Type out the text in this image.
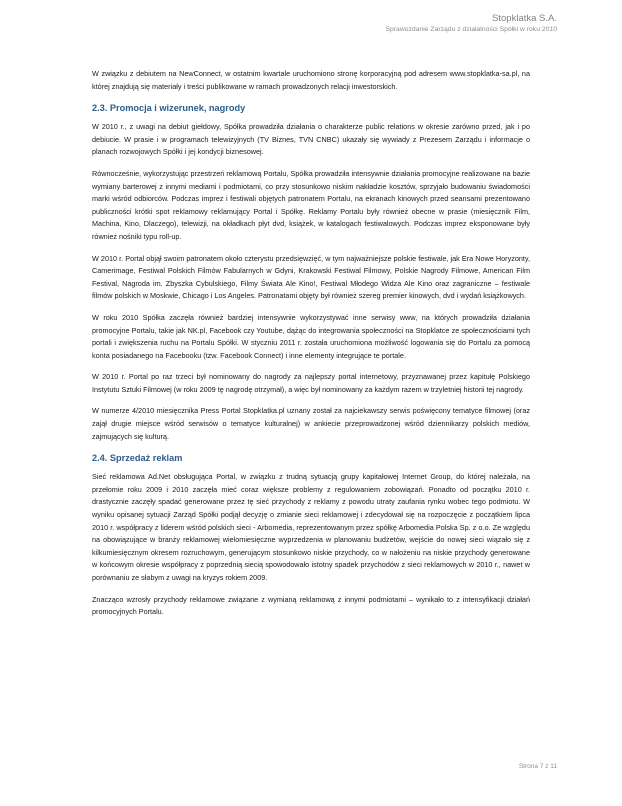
Stopklatka S.A.
Sprawozdanie Zarządu z działalności Spółki w roku 2010

W związku z debiutem na NewConnect, w ostatnim kwartale uruchomiono stronę korporacyjną pod adresem www.stopklatka-sa.pl, na której znajdują się materiały i treści publikowane w ramach prowadzonych relacji inwestorskich.

2.3. Promocja i wizerunek, nagrody

W 2010 r., z uwagi na debiut giełdowy, Spółka prowadziła działania o charakterze public relations w okresie zarówno przed, jak i po debiucie. W prasie i w programach telewizyjnych (TV Biznes, TVN CNBC) ukazały się wywiady z Prezesem Zarządu i informacje o planach rozwojowych Spółki i jej kondycji biznesowej.

Równocześnie, wykorzystując przestrzeń reklamową Portalu, Spółka prowadziła intensywnie działania promocyjne realizowane na bazie wymiany barterowej z innymi mediami i podmiotami, co przy stosunkowo niskim nakładzie kosztów, sprzyjało budowaniu świadomości marki wśród odbiorców. Podczas imprez i festiwali objętych patronatem Portalu, na ekranach kinowych przed seansami prezentowano publiczności krótki spot reklamowy reklamujący Portal i Spółkę. Reklamy Portalu były również obecne w prasie (miesięcznik Film, Machina, Kino, Dlaczego), telewizji, na okładkach płyt dvd, książek, w katalogach festiwalowych. Podczas imprez eksponowane były również nośniki typu roll-up.

W 2010 r. Portal objął swoim patronatem około czterystu przedsięwzięć, w tym najważniejsze polskie festiwale, jak Era Nowe Horyzonty, Camerimage, Festiwal Polskich Filmów Fabularnych w Gdyni, Krakowski Festiwal Filmowy, Polskie Nagrody Filmowe, American Film Festival, Nagroda im. Zbyszka Cybulskiego, Filmy Świata Ale Kino!, Festiwal Młodego Widza Ale Kino oraz zagraniczne – festiwale filmów polskich w Moskwie, Chicago i Los Angeles. Patronatami objęty był również szereg premier kinowych, dvd i wydań książkowych.

W roku 2010 Spółka zaczęła również bardziej intensywnie wykorzystywać inne serwisy www, na których prowadziła działania promocyjne Portalu, takie jak NK.pl, Facebook czy Youtube, dążąc do integrowania społeczności na Stopklatce ze społecznościami tych portali i zwiększenia ruchu na Portalu Spółki. W styczniu 2011 r. została uruchomiona możliwość logowania się do Portalu za pomocą konta posiadanego na Facebooku (tzw. Facebook Connect) i inne elementy integrujące te portale.

W 2010 r. Portal po raz trzeci był nominowany do nagrody za najlepszy portal internetowy, przyznawanej przez kapitułę Polskiego Instytutu Sztuki Filmowej (w roku 2009 tę nagrodę otrzymał), a więc był nominowany za każdym razem w trzyletniej historii tej nagrody.

W numerze 4/2010 miesięcznika Press Portal Stopklatka.pl uznany został za najciekawszy serwis poświęcony tematyce filmowej (oraz zajął drugie miejsce wśród serwisów o tematyce kulturalnej) w ankiecie przeprowadzonej wśród dziennikarzy polskich mediów, zajmujących się kulturą.

2.4. Sprzedaż reklam

Sieć reklamowa Ad.Net obsługująca Portal, w związku z trudną sytuacją grupy kapitałowej Internet Group, do której należała, na przełomie roku 2009 i 2010 zaczęła mieć coraz większe problemy z regulowaniem zobowiązań. Ponadto od początku 2010 r. drastycznie zaczęły spadać generowane przez tę sieć przychody z reklamy z powodu utraty zaufania rynku wobec tego podmiotu. W wyniku opisanej sytuacji Zarząd Spółki podjął decyzję o zmianie sieci reklamowej i zdecydował się na rozpoczęcie z początkiem lipca 2010 r. współpracy z liderem wśród polskich sieci - Arbomedia, reprezentowanym przez spółkę Arbomedia Polska Sp. z o.o. Ze względu na obowiązujące w branży reklamowej wielomiesięczne wyprzedzenia w planowaniu budżetów, wejście do nowej sieci wiązało się z kilkumiesięcznym okresem rozruchowym, generującym stosunkowo niskie przychody, co w nałożeniu na niskie przychody generowane w końcowym okresie współpracy z poprzednią siecią spowodowało istotny spadek przychodów z sieci reklamowych w 2010 r., nawet w porównaniu ze słabym z uwagi na kryzys rokiem 2009.

Znacząco wzrosły przychody reklamowe związane z wymianą reklamową z innymi podmiotami – wynikało to z intensyfikacji działań promocyjnych Portalu.

Strona 7 z 11
